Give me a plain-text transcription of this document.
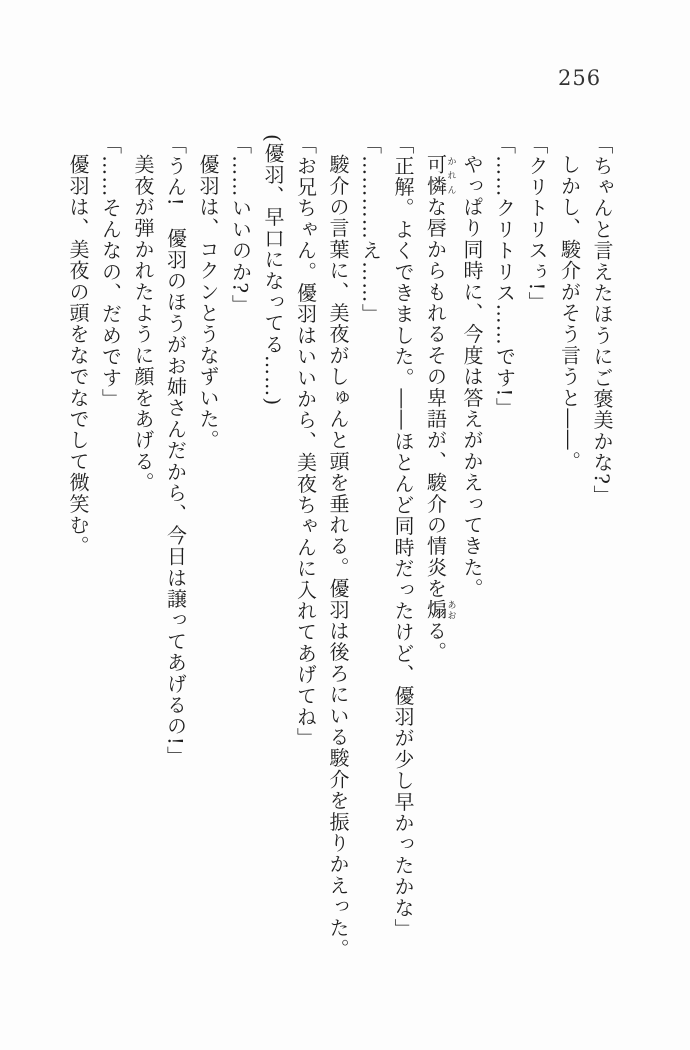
256

「ちゃんと言えたほうにご褒美かな?」

しかし、駿介がそう言うと――。

「クリトリスぅ!」

「……クリトリス……です!」

やっぱり同時に、今度は答えがかえってきた。

可憐かれんな唇からもれるその卑語が、駿介の情炎を煽あおる。

「正解。よくできました。――ほとんど同時だったけど、優羽が少し早かったかな」

「…………え……」

駿介の言葉に、美夜がしゅんと頭を垂れる。優羽は後ろにいる駿介を振りかえった。

「お兄ちゃん。優羽はいいから、美夜ちゃんに入れてあげてね」

(優羽、早口になってる……)

「……いいのか?」

優羽は、コクンとうなずいた。

「うん!　優羽のほうがお姉さんだから、今日は譲ってあげるの!」

美夜が弾かれたように顔をあげる。

「……そんなの、だめです」

優羽は、美夜の頭をなでなでして微笑む。
